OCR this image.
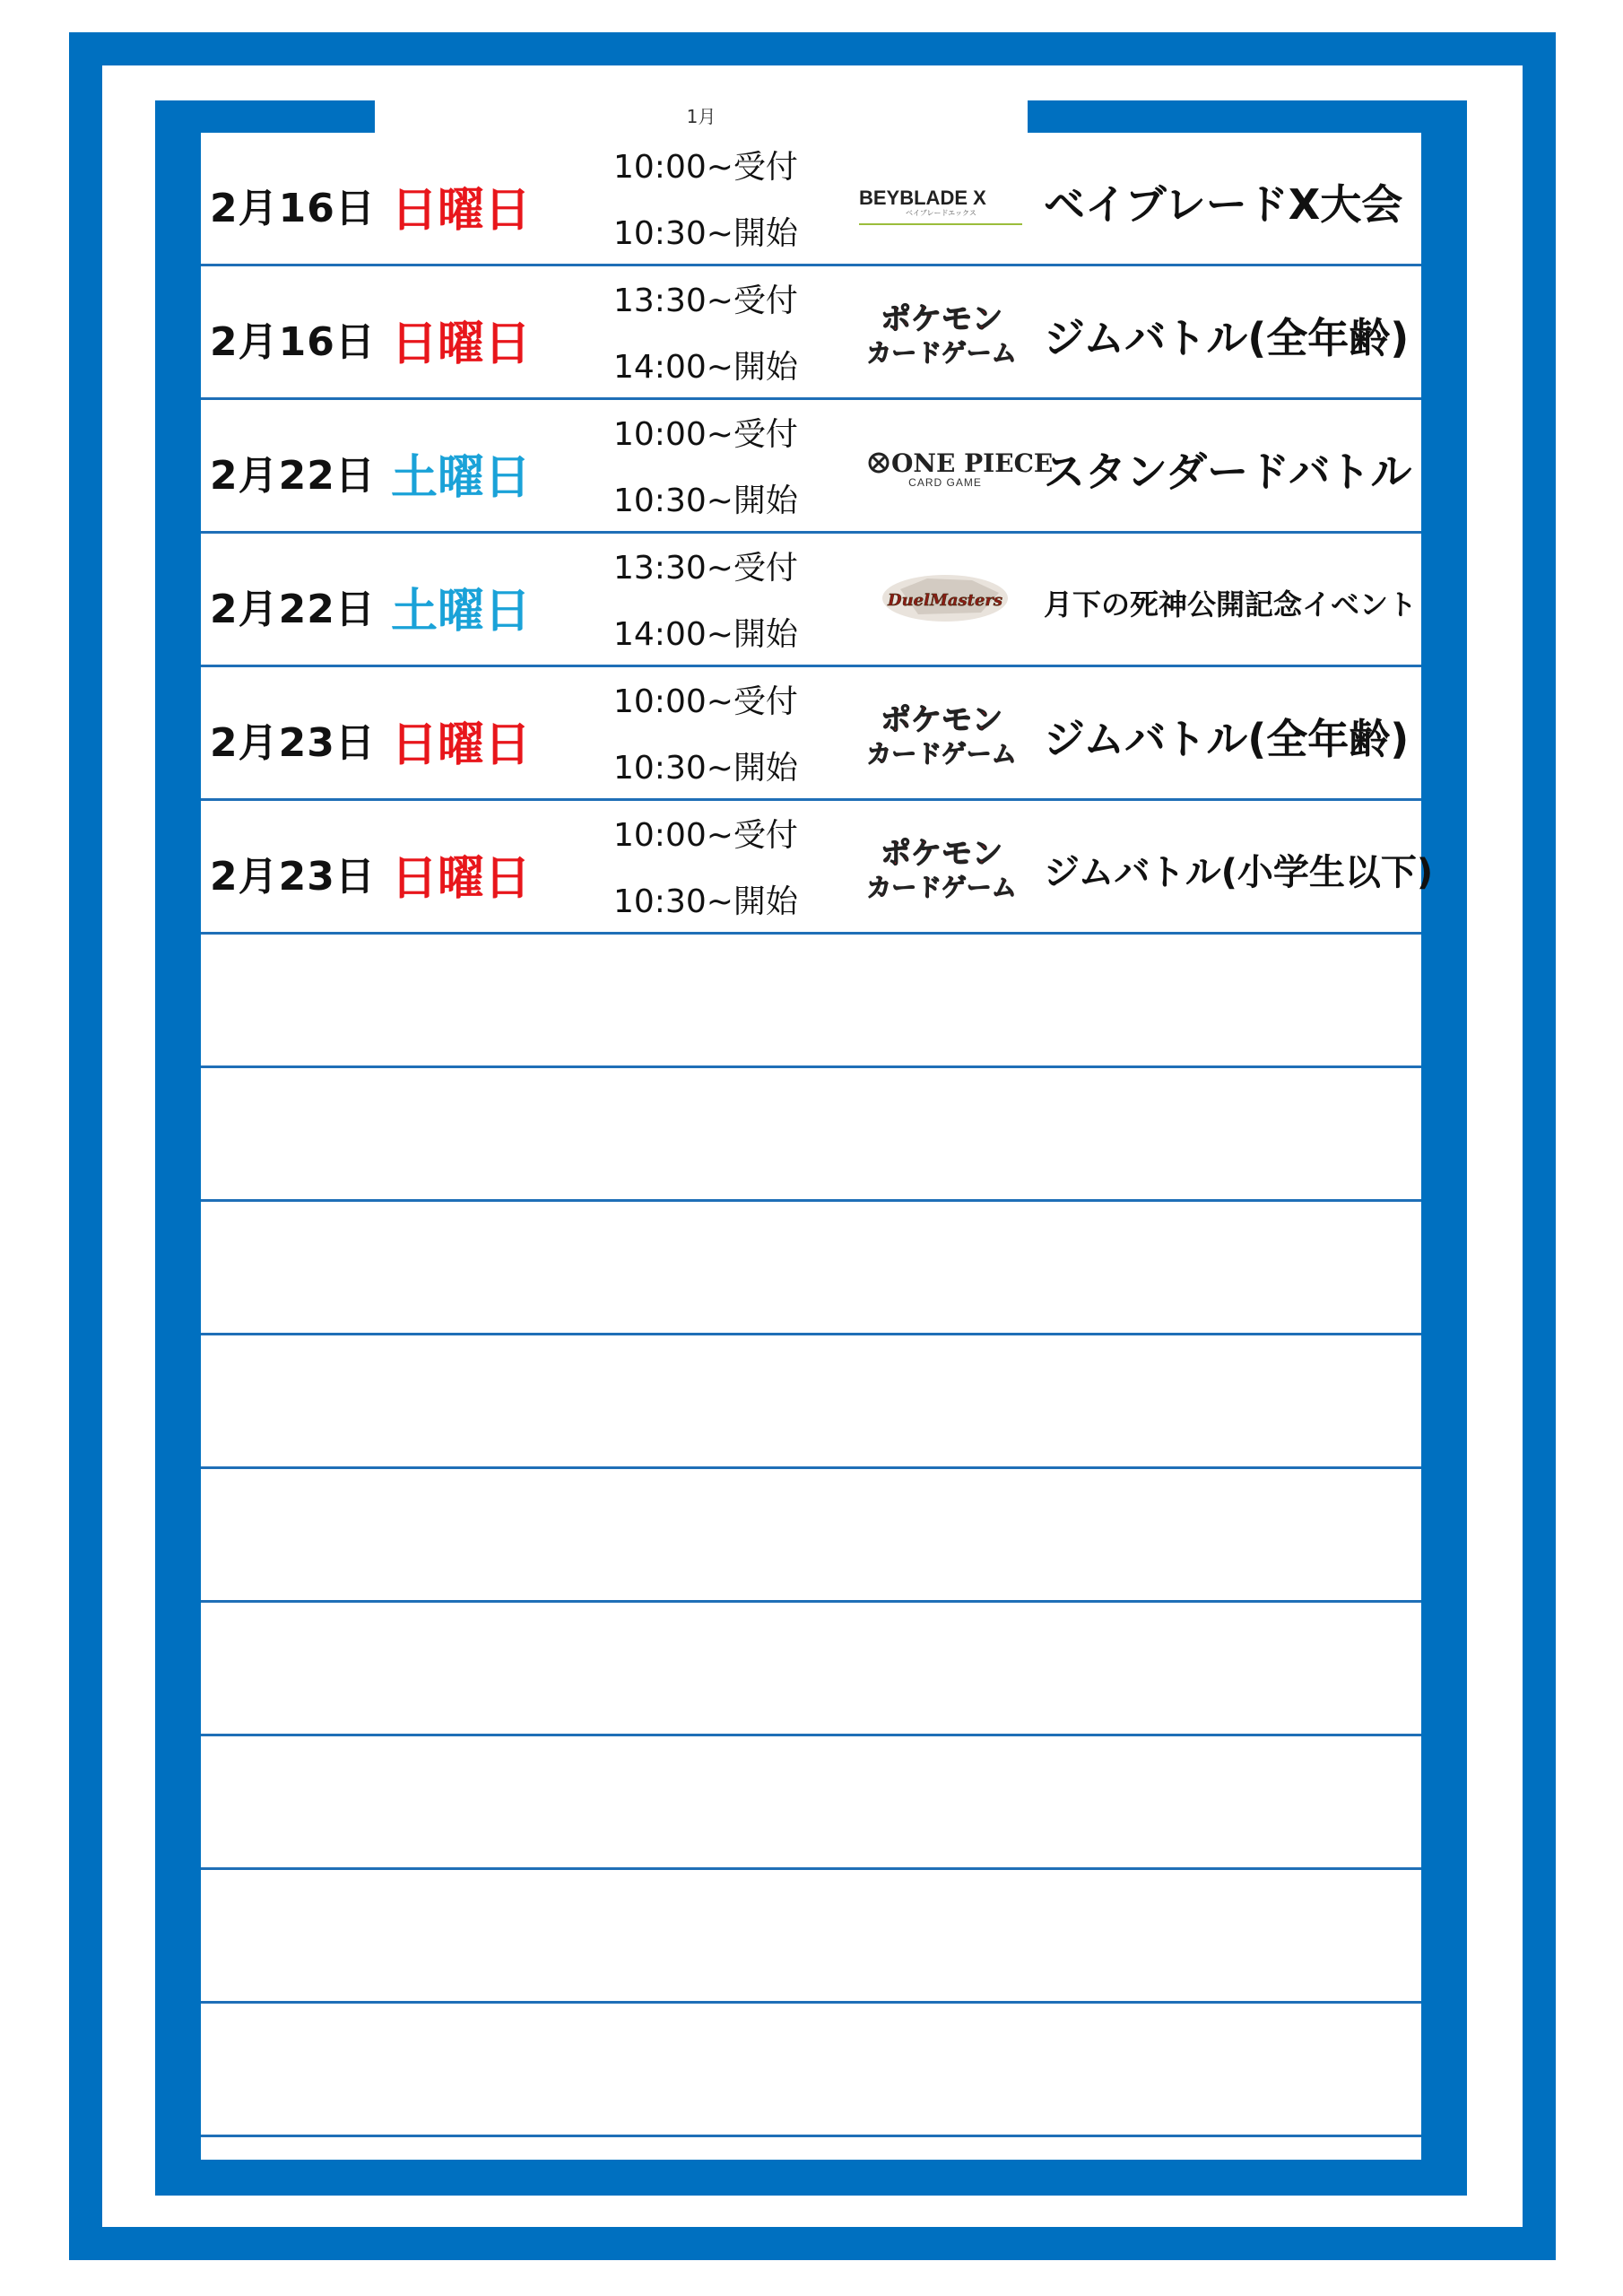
1月
2月16日 日曜日
10:00~受付
10:30~開始
BEYBLADE X
ベイブレードエックス ベイブレードX大会
2月16日 日曜日
13:30~受付
14:00~開始
ポケモン
カードゲーム ジムバトル(全年齢)
2月22日 土曜日
10:00~受付
10:30~開始
ONE PIECE
CARD GAME スタンダードバトル
2月22日 土曜日
13:30~受付
14:00~開始
DuelMasters 月下の死神公開記念イベント
2月23日 日曜日
10:00~受付
10:30~開始
ポケモン
カードゲーム ジムバトル(全年齢)
2月23日 日曜日
10:00~受付
10:30~開始
ポケモン
カードゲーム ジムバトル(小学生以下)
